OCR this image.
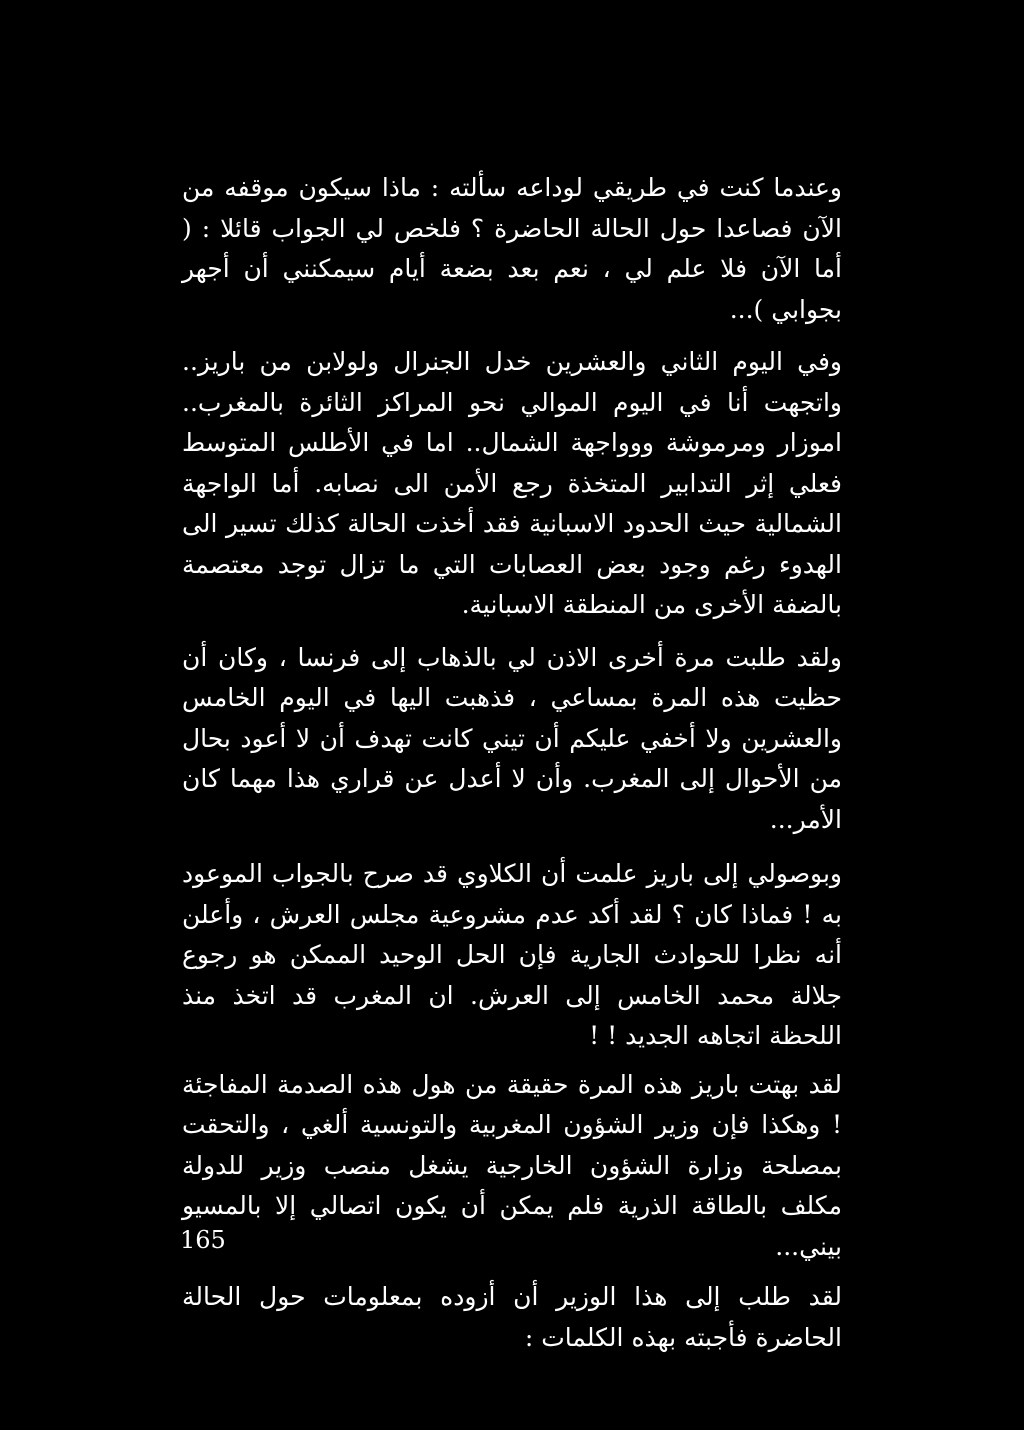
وعندما كنت في طريقي لوداعه سألته : ماذا سيكون موقفه من الآن فصاعدا حول الحالة الحاضرة ؟ فلخص لي الجواب قائلا : ( أما الآن فلا علم لي ، نعم بعد بضعة أيام سيمكنني أن أجهر بجوابي )...

وفي اليوم الثاني والعشرين خدل الجنرال ولولابن من باريز.. واتجهت أنا في اليوم الموالي نحو المراكز الثائرة بالمغرب.. اموزار ومرموشة ووواجهة الشمال.. اما في الأطلس المتوسط فعلي إثر التدابير المتخذة رجع الأمن الى نصابه. أما الواجهة الشمالية حيث الحدود الاسبانية فقد أخذت الحالة كذلك تسير الى الهدوء رغم وجود بعض العصابات التي ما تزال توجد معتصمة بالضفة الأخرى من المنطقة الاسبانية.

ولقد طلبت مرة أخرى الاذن لي بالذهاب إلى فرنسا ، وكان أن حظيت هذه المرة بمساعي ، فذهبت اليها في اليوم الخامس والعشرين ولا أخفي عليكم أن تيني كانت تهدف أن لا أعود بحال من الأحوال إلى المغرب. وأن لا أعدل عن قراري هذا مهما كان الأمر...

وبوصولي إلى باريز علمت أن الكلاوي قد صرح بالجواب الموعود به ! فماذا كان ؟ لقد أكد عدم مشروعية مجلس العرش ، وأعلن أنه نظرا للحوادث الجارية فإن الحل الوحيد الممكن هو رجوع جلالة محمد الخامس إلى العرش. ان المغرب قد اتخذ منذ اللحظة اتجاهه الجديد ! !

لقد بهتت باريز هذه المرة حقيقة من هول هذه الصدمة المفاجئة ! وهكذا فإن وزير الشؤون المغربية والتونسية ألغي ، والتحقت بمصلحة وزارة الشؤون الخارجية يشغل منصب وزير للدولة مكلف بالطاقة الذرية فلم يمكن أن يكون اتصالي إلا بالمسيو بيني...

لقد طلب إلى هذا الوزير أن أزوده بمعلومات حول الحالة الحاضرة فأجبته بهذه الكلمات :

165
